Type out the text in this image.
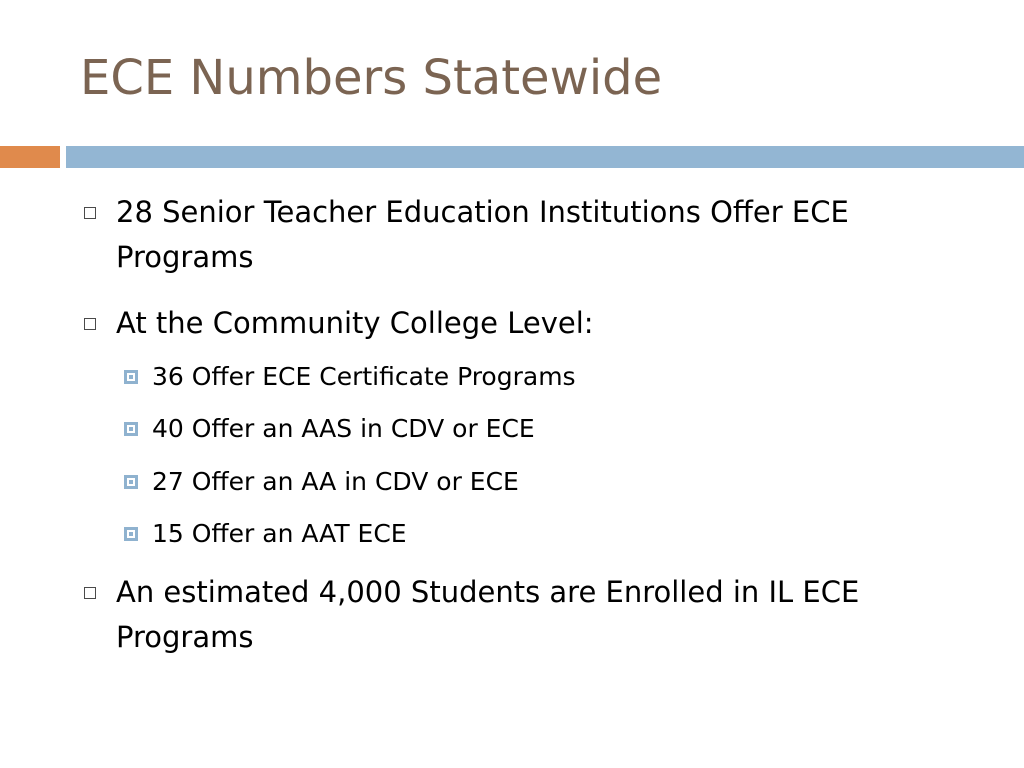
ECE Numbers Statewide
28 Senior Teacher Education Institutions Offer ECE Programs
At the Community College Level:
36 Offer ECE Certificate Programs
40 Offer an AAS in CDV or ECE
27 Offer an AA in CDV or ECE
15 Offer an AAT ECE
An estimated 4,000 Students are Enrolled in IL ECE Programs
